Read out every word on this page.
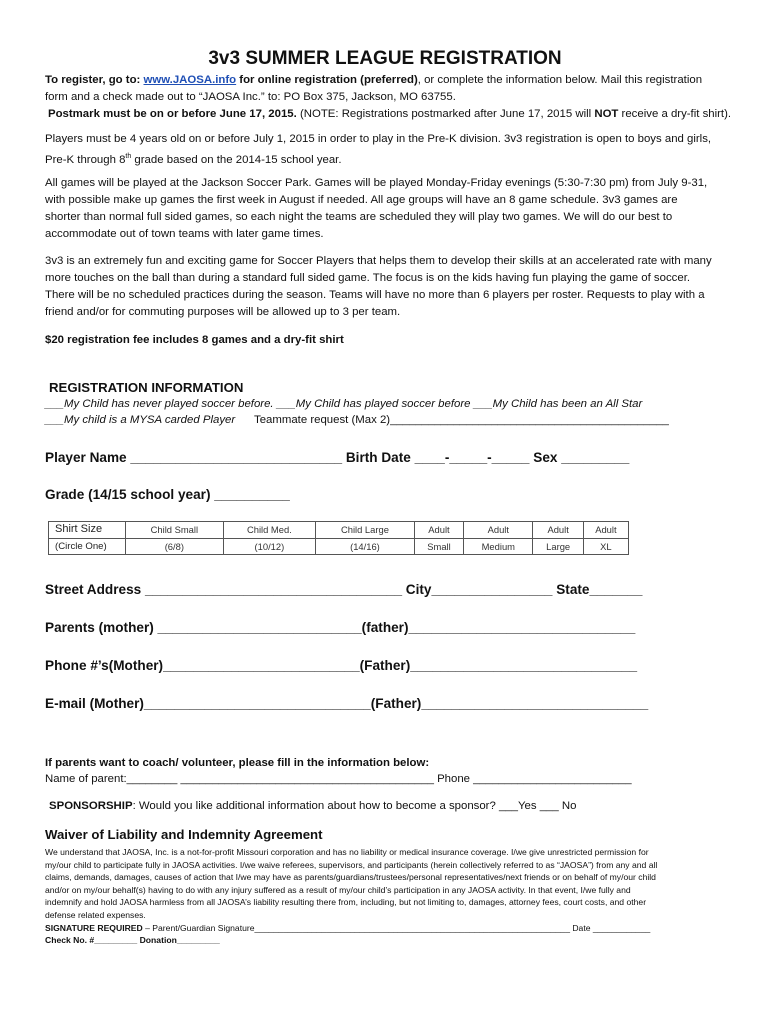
3v3 SUMMER LEAGUE REGISTRATION
To register, go to: www.JAOSA.info for online registration (preferred), or complete the information below. Mail this registration
form and a check made out to “JAOSA Inc.” to: PO Box 375, Jackson, MO 63755.
Postmark must be on or before June 17, 2015. (NOTE: Registrations postmarked after June 17, 2015 will NOT receive a dry-fit shirt).
Players must be 4 years old on or before July 1, 2015 in order to play in the Pre-K division. 3v3 registration is open to boys and girls,
Pre-K through 8th grade based on the 2014-15 school year.
All games will be played at the Jackson Soccer Park. Games will be played Monday-Friday evenings (5:30-7:30 pm) from July 9-31,
with possible make up games the first week in August if needed. All age groups will have an 8 game schedule. 3v3 games are
shorter than normal full sided games, so each night the teams are scheduled they will play two games. We will do our best to
accommodate out of town teams with later game times.
3v3 is an extremely fun and exciting game for Soccer Players that helps them to develop their skills at an accelerated rate with many
more touches on the ball than during a standard full sided game. The focus is on the kids having fun playing the game of soccer.
There will be no scheduled practices during the season. Teams will have no more than 6 players per roster. Requests to play with a
friend and/or for commuting purposes will be allowed up to 3 per team.
$20 registration fee includes 8 games and a dry-fit shirt
REGISTRATION INFORMATION
___My Child has never played soccer before. ___My Child has played soccer before ___My Child has been an All Star
___My child is a MYSA carded Player Teammate request (Max 2)____________________________________________
Player Name ____________________________ Birth Date ____-_____-_____ Sex _________
Grade (14/15 school year) __________
Shirt Size	Child Small	Child Med.	Child Large	Adult	Adult	Adult	Adult
(Circle One)	(6/8)	(10/12)	(14/16)	Small	Medium	Large	XL
Street Address __________________________________ City________________ State_______
Parents (mother) ___________________________(father)______________________________
Phone #’s(Mother)__________________________(Father)______________________________
E-mail (Mother)______________________________(Father)______________________________
If parents want to coach/ volunteer, please fill in the information below:
Name of parent:________ ________________________________________ Phone _________________________
SPONSORSHIP: Would you like additional information about how to become a sponsor? ___Yes ___ No
Waiver of Liability and Indemnity Agreement
We understand that JAOSA, Inc. is a not-for-profit Missouri corporation and has no liability or medical insurance coverage. I/we give unrestricted permission for
my/our child to participate fully in JAOSA activities. I/we waive referees, supervisors, and participants (herein collectively referred to as “JAOSA”) from any and all
claims, demands, damages, causes of action that I/we may have as parents/guardians/trustees/personal representatives/next friends or on behalf of my/our child
and/or on my/our behalf(s) having to do with any injury suffered as a result of my/our child’s participation in any JAOSA activity. In that event, I/we fully and
indemnify and hold JAOSA harmless from all JAOSA’s liability resulting there from, including, but not limiting to, damages, attorney fees, court costs, and other
defense related expenses.
SIGNATURE REQUIRED – Parent/Guardian Signature__________________________________________________________________ Date ____________
Check No. #_________ Donation_________
